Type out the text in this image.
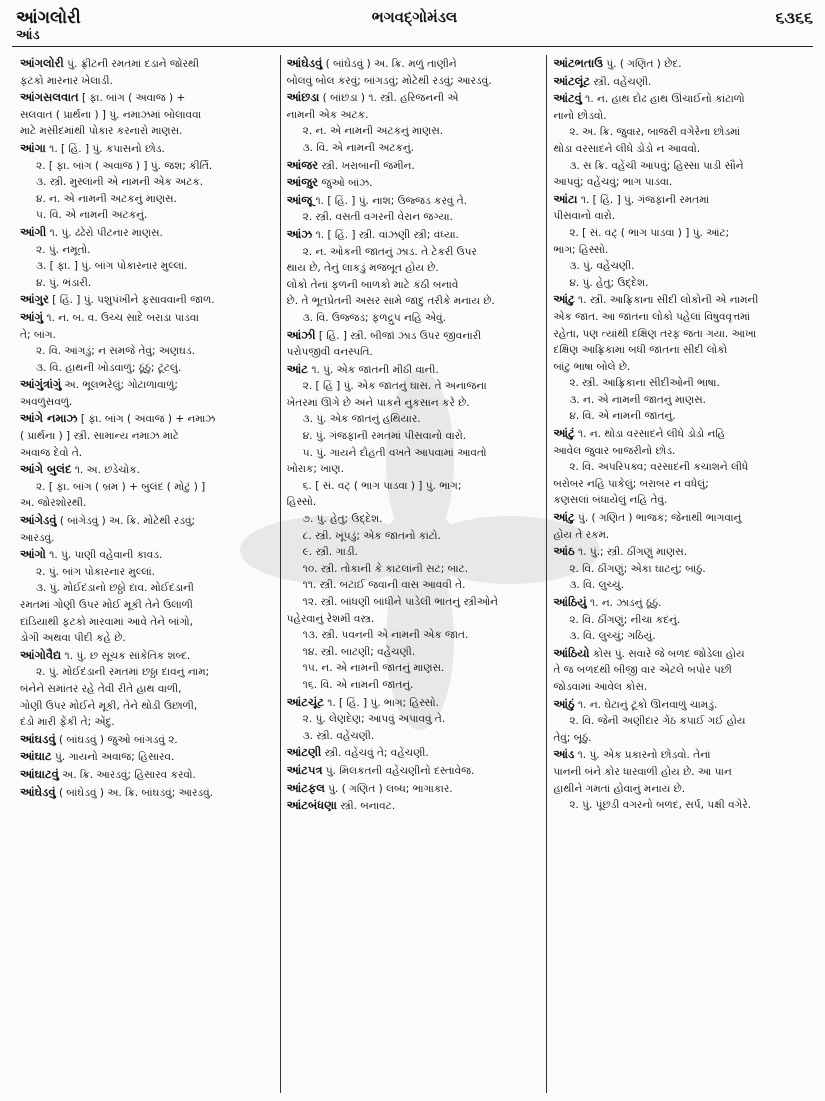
આંગલોરી
આંડ
ભગવદ્ગોમંડલ	૬૩૬૬
આંગલોરી પું. ફ્રીટની રમતમાં દડાને જોરથી
ફટકો મારનાર ખેલાડી.
આંગસલવાત [ ફા. બાંગ ( અવાજ ) +
સલવાત ( પ્રાર્થના ) ] પું. નમાઝમાં બોલાવવા
માટે મસીદમાંથી પોકાર કરનારો માણસ.
આંગા ૧. [ હિં. ] પું. કપાસનો છોડ.
૨. [ ફા. બાંગ ( અવાજ ) ] પું. જશ; કીર્તિ.
૩. સ્ત્રી. મુસ્લાંની એ નામની એક અટક.
૪. ન. એ નામની અટકનું માણસ.
૫. વિ. એ નામની અટકનું.
આંગી ૧. પું. ઢંઢેરો પીટનાર માણસ.
૨. પું. નમૂતો.
૩. [ ફા. ] પું. બાંગ પોકારનાર મુલ્લાં.
૪. પું. ભંડારી.
આંગુર [ હિં. ] પું. પશુપંખીને ફસાવવાની જાળ.
આંગું ૧. ન. બ. વ. ઉચ્ચ સાદે બરાડા પાડવા
તે; બાંગ.
૨. વિ. આંગડું; ન સમજે તેવું; અણઘડ.
૩. વિ. હાથની ખોડવાળું; ઠૂંઠું; ટૂંટલું.
આંગુંત્રાંગું અ. ભૂલભરેલું; ગોટાળાવાળું;
અવળુંસવળું.
આંગે નમાઝ [ ફા. બાંગ ( અવાજ ) + નમાઝ
( પ્રાર્થના ) ] સ્ત્રી. સામાન્ય નમાઝ માટે
અવાજ દેવો તે.
આંગે બુલંદ ૧. અ. છડેચોક.
૨. [ ફા. બાંગ ( બ્રમ ) + બુલંદ ( મોટું ) ]
અ. જોરશોરથી.
આંગેડવું ( બાંગેડવું ) અ. ક્રિ. મોટેથી રડવું;
આરડવું.
આંગો ૧. પું. પાણી વહેવાની કાવડ.
૨. પું. બાંગ પોકારનાર મુલ્લાં.
૩. પું. મોઈદંડાનો છઠ્ઠો દાવ. મોઈદંડાની
રમતમાં ગોણી ઉપર મોઈ મૂકી તેને ઉલાળી
દાંડિયાથી ફટકો મારવામાં આવે તેને બાંગો,
ડોગી અથવા પીદી કહે છે.
આંગોવૈદ્ય ૧. પું. છ સૂચક સાંકેતિક શબ્દ.
૨. પું. મોઈદંડાની રમતમાં છઠ્ઠા દાવનું નામ;
બંનેને સમાંતર રહે તેવી રીતે હાથ વાળી,
ગોણી ઉપર મોઈને મૂકી, તેને થોડી ઉછાળી,
દંડો મારી ફેંકી તે; એંદુ.
આંઘડવું ( બાંઘડવું ) જુઓ બાંગડવું ૨.
આંઘાટ પું. ગાયનો અવાજ; હિસારવ.
આંઘાટવું અ. ક્રિ. આરડવું; હિસારવ કરવો.
આંઘેડવું ( બાંઘેડવું ) અ. ક્રિ. બાંઘડવું; આરડવું.
આંઘેડવું ( બાંઘેડવું ) અ. ક્રિ. મળું તાણીને
બોલવું બોલ કરવું; બાંગડવું; મોટેથી રડવું; આરડવું.
આંછડા ( બાંછડા ) ૧. સ્ત્રી. હરિજનની એ
નામની એક અટક.
૨. ન. એ નામની અટકનું માણસ.
૩. વિ. એ નામની અટકનું.
આંજર સ્ત્રી. ખરાબાની જમીન.
આંજુર જુઓ બાંઝ.
આંજૂ ૧. [ હિં. ] પું. નાશ; ઉજ્જડ કરવું તે.
૨. સ્ત્રી. વસતી વગરની વેરાન જગ્યા.
આંઝ ૧. [ હિં. ] સ્ત્રી. વાંઝણી સ્ત્રી; વંધ્યા.
૨. ન. ઓકની જાતનું ઝાડ. તે ટેકરી ઉપર
થાય છે, તેનું લાકડું મજબૂત હોય છે.
લોકો તેનાં ફળની બાળકો માટે કંઠી બનાવે
છે. તે ભૂતપ્રેતની અસર સામે જાદુ તરીકે મનાય છે.
૩. વિ. ઉજ્જડ; ફળદ્રુપ નહિ એવું.
આંઝી [ હિં. ] સ્ત્રી. બીજાં ઝાડ ઉપર જીવનારી
પરોપજીવી વનસ્પતિ.
આંટ ૧. પું. એક જાતની મીઠી વાની.
૨. [ હિં ] પું. એક જાતનું ઘાસ. તે અનાજના
ખેતરમાં ઊગે છે અને પાકને નુકસાન કરે છે.
૩. પું. એક જાતનું હથિયાર.
૪. પું. ગંજફાની રમતમાં પીસવાનો વારો.
૫. પું. ગાયને દોહતી વખતે આપવામાં આવતો
ખોરાક; ખાણ.
૬. [ સં. વટ્ ( ભાગ પાડવા ) ] પું. ભાગ;
હિસ્સો.
૭. પું. હેતુ; ઉદ્દેશ.
૮. સ્ત્રી. ખૂંપડું; એક જાતનો કાંટો.
૯. સ્ત્રી. ગાડી.
૧૦. સ્ત્રી. તોકાની કે કાટલાંની સટ; બાટ.
૧૧. સ્ત્રી. બટાઈ જવાની વાસ આવવી તે.
૧૨. સ્ત્રી. બાંધણી બાંધીને પાડેલી ભાતનું સ્ત્રીઓને
પહેરવાનું રેશમી વસ્ત્ર.
૧૩. સ્ત્રી. પવનની એ નામની એક જાત.
૧૪. સ્ત્રી. બાટણી; વહેંચણી.
૧૫. ન. એ નામની જાતનું માણસ.
૧૬. વિ. એ નામની જાતનું.
આંટચૂંટ ૧. [ હિં. ] પું. ભાગ; હિસ્સો.
૨. પું. લેણદેણ; આપવું અપાવવું તે.
૩. સ્ત્રી. વહેંચણી.
આંટણી સ્ત્રી. વહેંચવું તે; વહેંચણી.
આંટપત્ર પું. મિલકતની વહેંચણીનો દસ્તાવેજ.
આંટફલ પું. ( ગણિત ) લબ્ધ; ભાગાકાર.
આંટબંધણા સ્ત્રી. બનાવટ.
આંટભતાઉ પું. ( ગણિત ) છેદ.
આંટલૂંટ સ્ત્રી. વહેંચણી.
આંટવું ૧. ન. હાથ દોઢ હાથ ઊંચાઈનો કાંટાળો
નાનો છોડવો.
૨. અ. ક્રિ. જુવાર, બાજરી વગેરેના છોડમાં
થોડા વરસાદને લીધે ડોડો ન આવવો.
૩. સ ક્રિ. વહેંચી આપવું; હિસ્સા પાડી સૌને
આપવું; વહેંચવું; ભાગ પાડવા.
આંટા ૧. [ હિં. ] પું. ગંજફાની રમતમાં
પીસવાનો વારો.
૨. [ સં. વટ્ ( ભાગ પાડવા ) ] પું. આંટ;
ભાગ; હિસ્સો.
૩. પું. વહેંચણી.
૪. પું. હેતુ; ઉદ્દેશ.
આંટુ ૧. સ્ત્રી. આફ્રિકાના સીદી લોકોની એ નામની
એક જાત. આ જાતના લોકો પહેલાં વિષુવવૃત્તમાં
રહેતા, પણ ત્યાંથી દક્ષિણ તરફ જતા ગયા. આખા
દક્ષિણ આફ્રિકામાં બધી જાતના સીદી લોકો
બાંટુ ભાષા બોલે છે.
૨. સ્ત્રી. આફ્રિકાના સીદીઓની ભાષા.
૩. ન. એ નામની જાતનું માણસ.
૪. વિ. એ નામની જાતનું.
આંટું ૧. ન. થોડા વરસાદને લીધે ડોડો નહિ
આવેલ જુવાર બાજરીનો છોડ.
૨. વિ. અપરિપક્વ; વરસાદની કચાશને લીધે
બરોબર નહિ પાકેલું; બરાબર ન વધેલું;
કણસલાં બંધાયેલું નહિ તેવું.
આંટુ પું. ( ગણિત ) ભાજક; જેનાથી ભાગવાનું
હોય તે રકમ.
આંઠ ૧. પું.; સ્ત્રી. ઠીંગણું માણસ.
૨. વિ. ઠીંગણું; એકા ઘાટનું; બાંઠું.
૩. વિ. લુચ્ચું.
આંઠિયું ૧. ન. ઝાડનું ઠૂંઠું.
૨. વિ. ઠીંગણું; નીચા કદનું.
૩. વિ. લુચ્ચું; ગઠિયું.
આંઠિયો કોસ પું. સવારે જે બળદ જોડેલા હોય
તે જ બળદથી બીજી વાર એટલે બપોર પછી
જોડવામાં આવેલ કોસ.
આંઠું ૧. ન. ઘેટાનું ટૂંકો ઊનવાળું ચામડું.
૨. વિ. જેની અણીદાર ગેંઠ કપાઈ ગઈ હોય
તેવું; બૂઠું.
આંડ ૧. પું. એક પ્રકારનો છોડવો. તેનાં
પાનની બંને કોર ધારવાળી હોય છે. આ પાન
હાથીને ગમતાં હોવાનું મનાય છે.
૨. પું. પૂંછડી વગરનો બળદ, સર્પ, પક્ષી વગેરે.
